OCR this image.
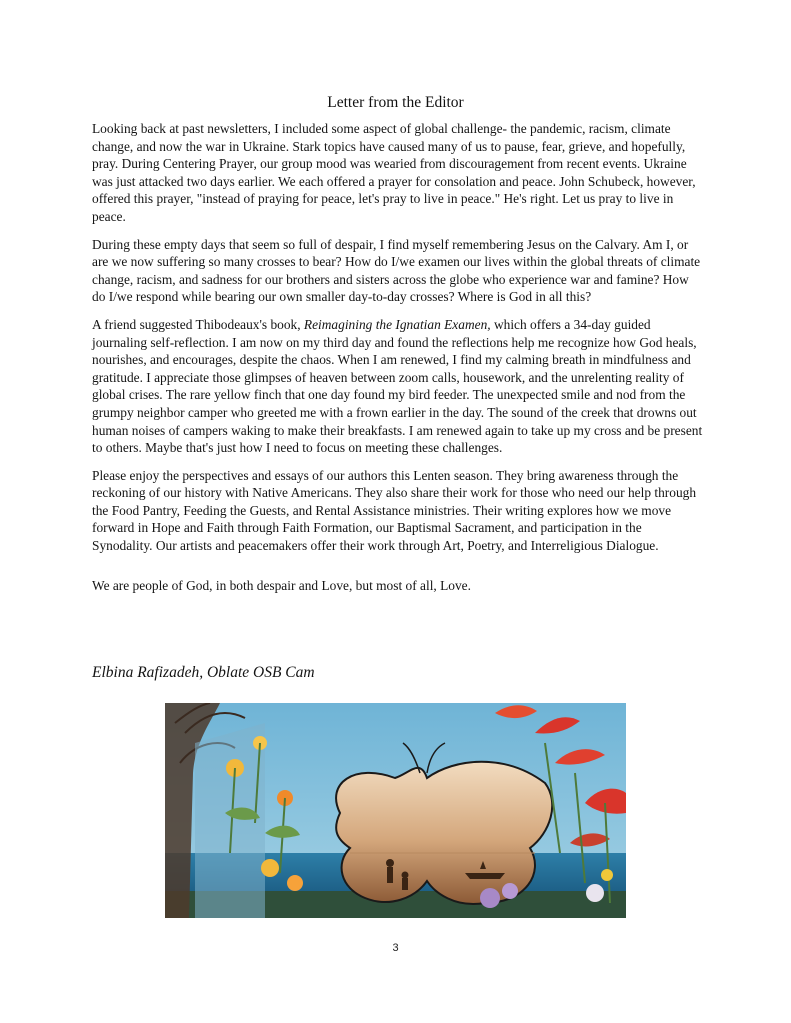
Letter from the Editor

Looking back at past newsletters, I included some aspect of global challenge- the pandemic, racism, climate change, and now the war in Ukraine. Stark topics have caused many of us to pause, fear, grieve, and hopefully, pray. During Centering Prayer, our group mood was wearied from discouragement from recent events. Ukraine was just attacked two days earlier. We each offered a prayer for consolation and peace. John Schubeck, however, offered this prayer, "instead of praying for peace, let's pray to live in peace." He's right. Let us pray to live in peace.

During these empty days that seem so full of despair, I find myself remembering Jesus on the Calvary. Am I, or are we now suffering so many crosses to bear? How do I/we examen our lives within the global threats of climate change, racism, and sadness for our brothers and sisters across the globe who experience war and famine? How do I/we respond while bearing our own smaller day-to-day crosses? Where is God in all this?

A friend suggested Thibodeaux's book, Reimagining the Ignatian Examen, which offers a 34-day guided journaling self-reflection. I am now on my third day and found the reflections help me recognize how God heals, nourishes, and encourages, despite the chaos. When I am renewed, I find my calming breath in mindfulness and gratitude. I appreciate those glimpses of heaven between zoom calls, housework, and the unrelenting reality of global crises. The rare yellow finch that one day found my bird feeder. The unexpected smile and nod from the grumpy neighbor camper who greeted me with a frown earlier in the day. The sound of the creek that drowns out human noises of campers waking to make their breakfasts. I am renewed again to take up my cross and be present to others. Maybe that's just how I need to focus on meeting these challenges.

Please enjoy the perspectives and essays of our authors this Lenten season. They bring awareness through the reckoning of our history with Native Americans. They also share their work for those who need our help through the Food Pantry, Feeding the Guests, and Rental Assistance ministries. Their writing explores how we move forward in Hope and Faith through Faith Formation, our Baptismal Sacrament, and participation in the Synodality. Our artists and peacemakers offer their work through Art, Poetry, and Interreligious Dialogue.

We are people of God, in both despair and Love, but most of all, Love.

Elbina Rafizadeh, Oblate OSB Cam
3
